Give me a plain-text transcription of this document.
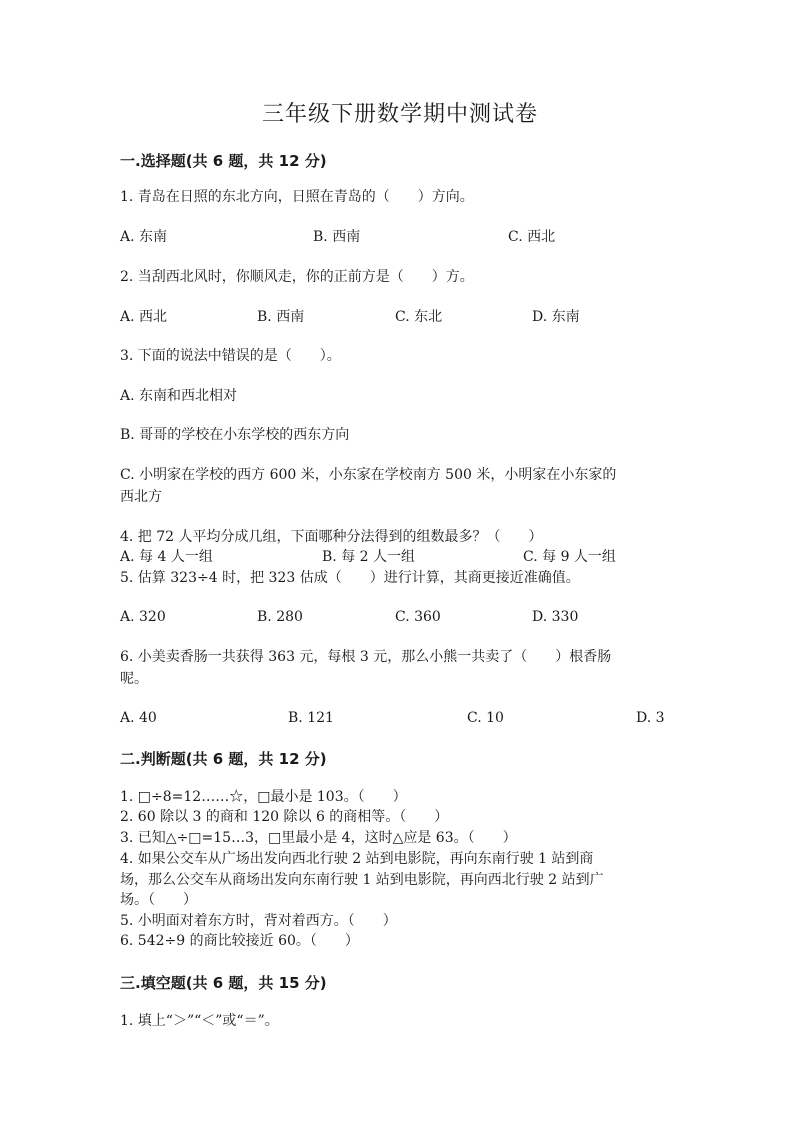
三年级下册数学期中测试卷
一.选择题(共 6 题，共 12 分)
1. 青岛在日照的东北方向，日照在青岛的（　　）方向。
A. 东南	B. 西南	C. 西北
2. 当刮西北风时，你顺风走，你的正前方是（　　）方。
A. 西北	B. 西南	C. 东北	D. 东南
3. 下面的说法中错误的是（　　）。
A. 东南和西北相对
B. 哥哥的学校在小东学校的西东方向
C. 小明家在学校的西方 600 米，小东家在学校南方 500 米，小明家在小东家的
西北方
4. 把 72 人平均分成几组，下面哪种分法得到的组数最多？（　　）
A. 每 4 人一组	B. 每 2 人一组	C. 每 9 人一组
5. 估算 323÷4 时，把 323 估成（　　）进行计算，其商更接近准确值。
A. 320	B. 280	C. 360	D. 330
6. 小美卖香肠一共获得 363 元，每根 3 元，那么小熊一共卖了（　　）根香肠
呢。
A. 40	B. 121	C. 10	D. 3
二.判断题(共 6 题，共 12 分)
1. □÷8=12……☆，□最小是 103。（　　）
2. 60 除以 3 的商和 120 除以 6 的商相等。（　　）
3. 已知△÷□=15…3，□里最小是 4，这时△应是 63。（　　）
4. 如果公交车从广场出发向西北行驶 2 站到电影院，再向东南行驶 1 站到商
场，那么公交车从商场出发向东南行驶 1 站到电影院，再向西北行驶 2 站到广
场。（　　）
5. 小明面对着东方时，背对着西方。（　　）
6. 542÷9 的商比较接近 60。（　　）
三.填空题(共 6 题，共 15 分)
1. 填上“＞”“＜”或“＝”。
